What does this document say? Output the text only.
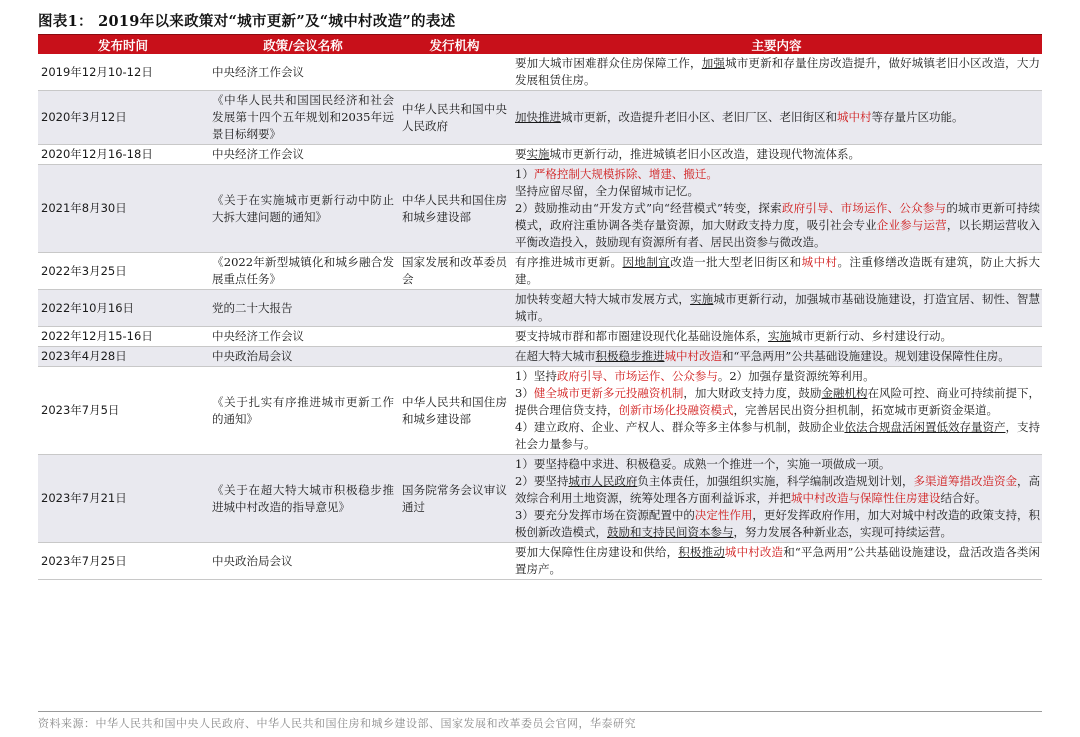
图表1： 2019年以来政策对“城市更新”及“城中村改造”的表述
发布时间	政策/会议名称	发行机构	主要内容
2019年12月10-12日	中央经济工作会议		要加大城市困难群众住房保障工作，加强城市更新和存量住房改造提升，做好城镇老旧小区改造，大力发展租赁住房。

2020年3月12日	《中华人民共和国国民经济和社会发展第十四个五年规划和2035年远景目标纲要》	中华人民共和国中央人民政府	加快推进城市更新，改造提升老旧小区、老旧厂区、老旧街区和城中村等存量片区功能。

2020年12月16-18日	中央经济工作会议		要实施城市更新行动，推进城镇老旧小区改造，建设现代物流体系。

2021年8月30日	《关于在实施城市更新行动中防止大拆大建问题的通知》	中华人民共和国住房和城乡建设部	1）严格控制大规模拆除、增建、搬迁。
坚持应留尽留，全力保留城市记忆。
2）鼓励推动由“开发方式”向“经营模式”转变，探索政府引导、市场运作、公众参与的城市更新可持续模式，政府注重协调各类存量资源，加大财政支持力度，吸引社会专业企业参与运营，以长期运营收入平衡改造投入，鼓励现有资源所有者、居民出资参与微改造。

2022年3月25日	《2022年新型城镇化和城乡融合发展重点任务》	国家发展和改革委员会	有序推进城市更新。因地制宜改造一批大型老旧街区和城中村。注重修缮改造既有建筑，防止大拆大建。

2022年10月16日	党的二十大报告		加快转变超大特大城市发展方式，实施城市更新行动，加强城市基础设施建设，打造宜居、韧性、智慧城市。

2022年12月15-16日	中央经济工作会议		要支持城市群和都市圈建设现代化基础设施体系，实施城市更新行动、乡村建设行动。

2023年4月28日	中央政治局会议		在超大特大城市积极稳步推进城中村改造和“平急两用”公共基础设施建设。规划建设保障性住房。

2023年7月5日	《关于扎实有序推进城市更新工作的通知》	中华人民共和国住房和城乡建设部	1）坚持政府引导、市场运作、公众参与。2）加强存量资源统筹利用。
3）健全城市更新多元投融资机制，加大财政支持力度，鼓励金融机构在风险可控、商业可持续前提下，提供合理信贷支持，创新市场化投融资模式，完善居民出资分担机制，拓宽城市更新资金渠道。
4）建立政府、企业、产权人、群众等多主体参与机制，鼓励企业依法合规盘活闲置低效存量资产，支持社会力量参与。

2023年7月21日	《关于在超大特大城市积极稳步推进城中村改造的指导意见》	国务院常务会议审议通过	1）要坚持稳中求进、积极稳妥。成熟一个推进一个，实施一项做成一项。
2）要坚持城市人民政府负主体责任，加强组织实施，科学编制改造规划计划，多渠道筹措改造资金，高效综合利用土地资源，统筹处理各方面利益诉求，并把城中村改造与保障性住房建设结合好。
3）要充分发挥市场在资源配置中的决定性作用，更好发挥政府作用，加大对城中村改造的政策支持，积极创新改造模式，鼓励和支持民间资本参与，努力发展各种新业态，实现可持续运营。

2023年7月25日	中央政治局会议		要加大保障性住房建设和供给，积极推动城中村改造和“平急两用”公共基础设施建设，盘活改造各类闲置房产。
资料来源：中华人民共和国中央人民政府、中华人民共和国住房和城乡建设部、国家发展和改革委员会官网，华泰研究
